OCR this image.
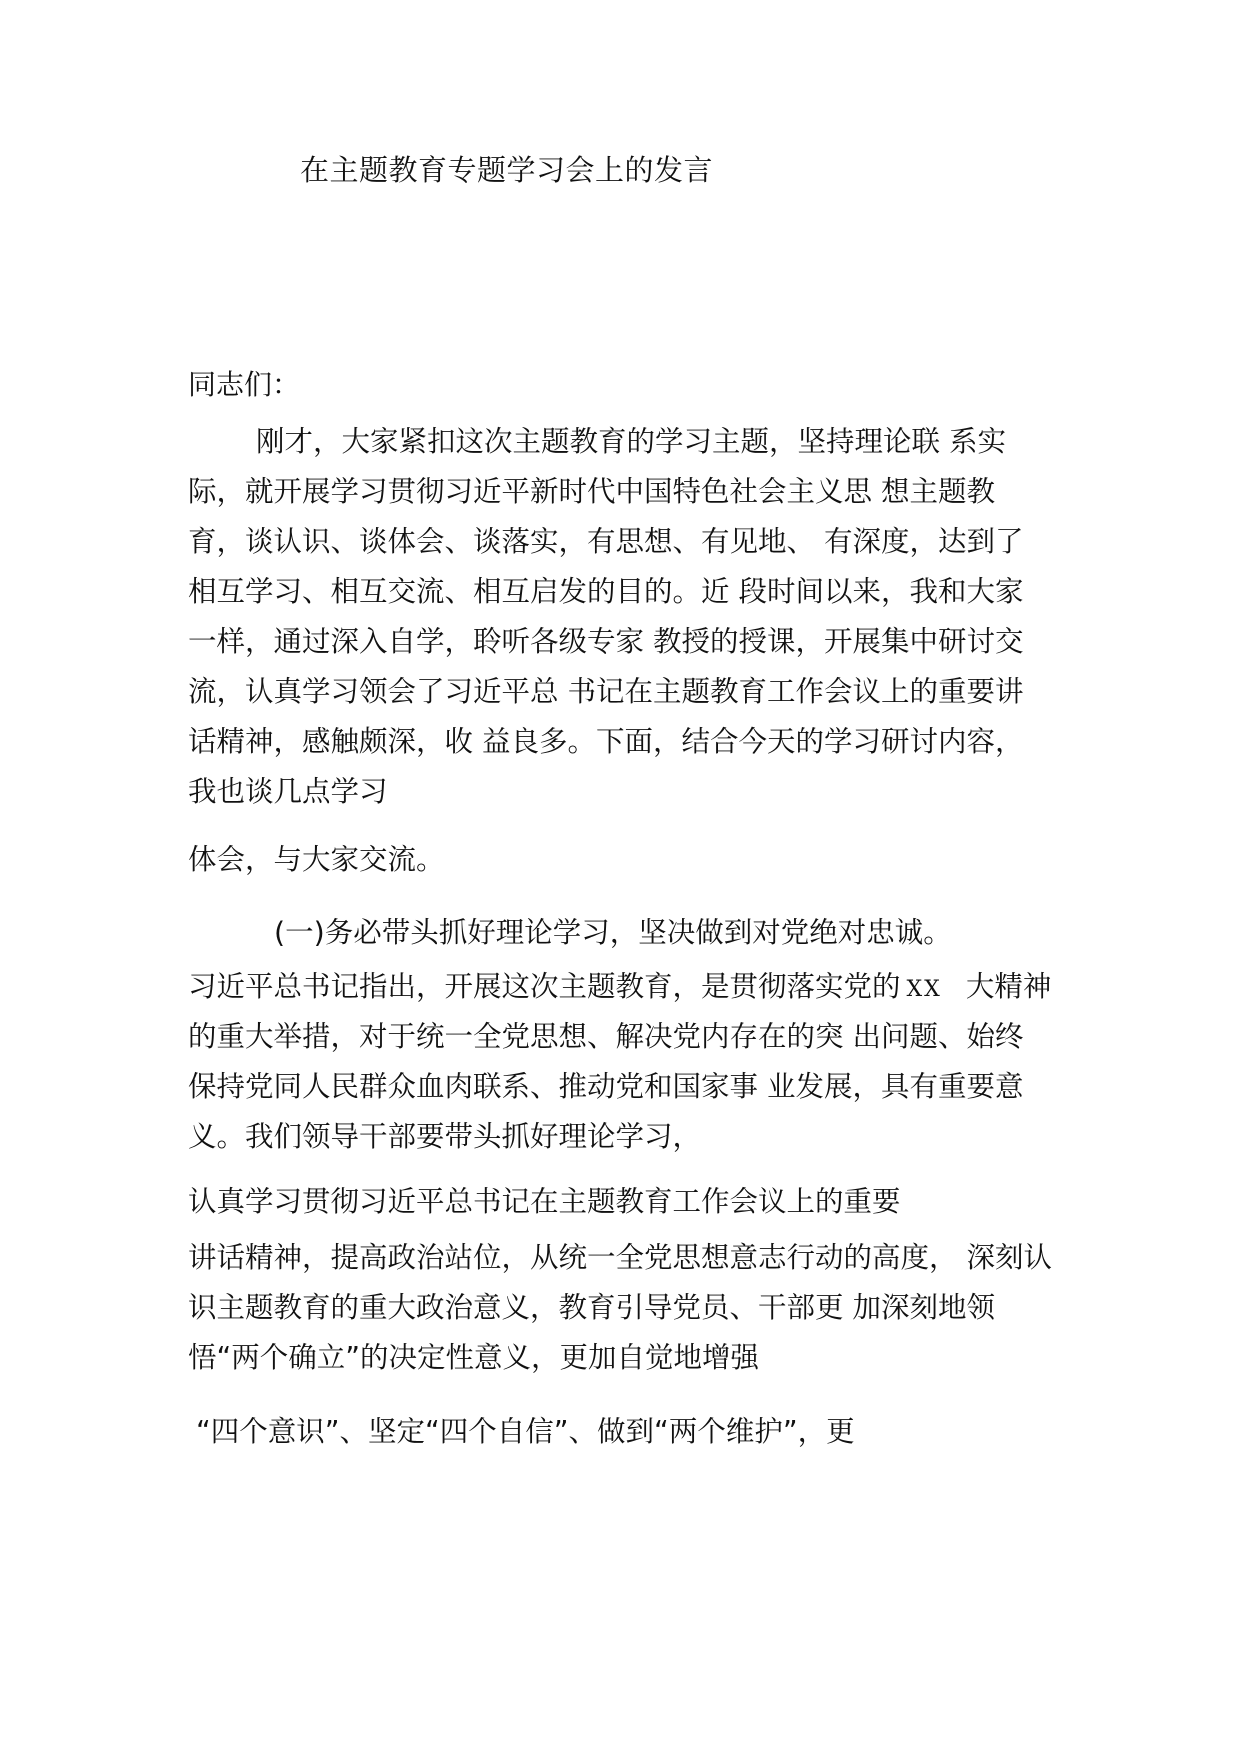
在主题教育专题学习会上的发言
同志们：
刚才，大家紧扣这次主题教育的学习主题，坚持理论联 系实
际，就开展学习贯彻习近平新时代中国特色社会主义思 想主题教
育，谈认识、谈体会、谈落实，有思想、有见地、 有深度，达到了
相互学习、相互交流、相互启发的目的。近 段时间以来，我和大家
一样，通过深入自学，聆听各级专家 教授的授课，开展集中研讨交
流，认真学习领会了习近平总 书记在主题教育工作会议上的重要讲
话精神，感触颇深，收 益良多。下面，结合今天的学习研讨内容，
我也谈几点学习
体会，与大家交流。
(一)务必带头抓好理论学习，坚决做到对党绝对忠诚。
习近平总书记指出，开展这次主题教育，是贯彻落实党的 XX 大精神
的重大举措，对于统一全党思想、解决党内存在的突 出问题、始终
保持党同人民群众血肉联系、推动党和国家事 业发展，具有重要意
义。我们领导干部要带头抓好理论学习，
认真学习贯彻习近平总书记在主题教育工作会议上的重要
讲话精神，提高政治站位，从统一全党思想意志行动的高度， 深刻认
识主题教育的重大政治意义，教育引导党员、干部更 加深刻地领
悟“两个确立”的决定性意义，更加自觉地增强
“四个意识”、坚定“四个自信”、做到“两个维护”，更
